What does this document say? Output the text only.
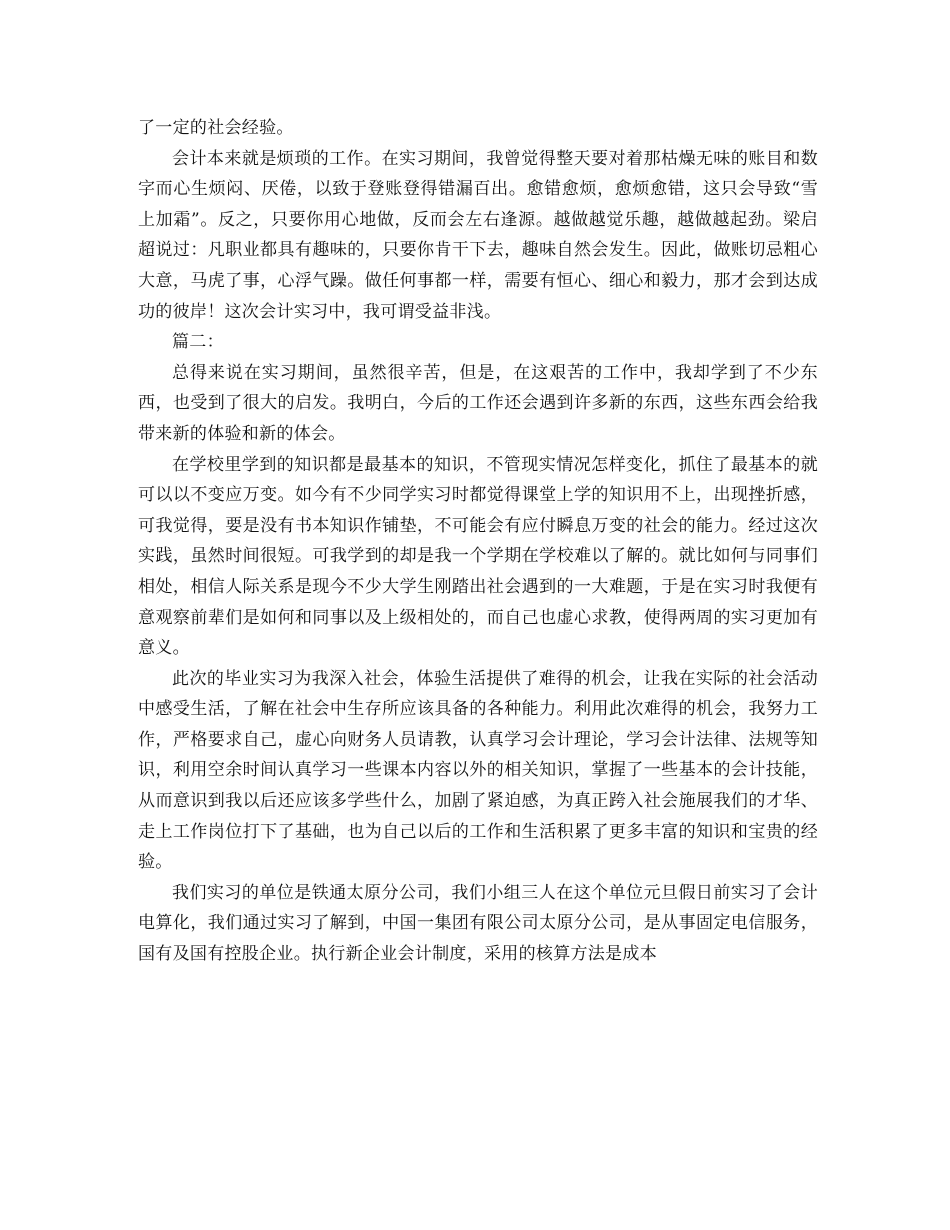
了一定的社会经验。

会计本来就是烦琐的工作。在实习期间，我曾觉得整天要对着那枯燥无味的账目和数字而心生烦闷、厌倦，以致于登账登得错漏百出。愈错愈烦，愈烦愈错，这只会导致“雪上加霜”。反之，只要你用心地做，反而会左右逢源。越做越觉乐趣，越做越起劲。梁启超说过：凡职业都具有趣味的，只要你肯干下去，趣味自然会发生。因此，做账切忌粗心大意，马虎了事，心浮气躁。做任何事都一样，需要有恒心、细心和毅力，那才会到达成功的彼岸！这次会计实习中，我可谓受益非浅。

篇二：

总得来说在实习期间，虽然很辛苦，但是，在这艰苦的工作中，我却学到了不少东西，也受到了很大的启发。我明白，今后的工作还会遇到许多新的东西，这些东西会给我带来新的体验和新的体会。

在学校里学到的知识都是最基本的知识，不管现实情况怎样变化，抓住了最基本的就可以以不变应万变。如今有不少同学实习时都觉得课堂上学的知识用不上，出现挫折感，可我觉得，要是没有书本知识作铺垫，不可能会有应付瞬息万变的社会的能力。经过这次实践，虽然时间很短。可我学到的却是我一个学期在学校难以了解的。就比如何与同事们相处，相信人际关系是现今不少大学生刚踏出社会遇到的一大难题，于是在实习时我便有意观察前辈们是如何和同事以及上级相处的，而自己也虚心求教，使得两周的实习更加有意义。

此次的毕业实习为我深入社会，体验生活提供了难得的机会，让我在实际的社会活动中感受生活，了解在社会中生存所应该具备的各种能力。利用此次难得的机会，我努力工作，严格要求自己，虚心向财务人员请教，认真学习会计理论，学习会计法律、法规等知识，利用空余时间认真学习一些课本内容以外的相关知识，掌握了一些基本的会计技能，从而意识到我以后还应该多学些什么，加剧了紧迫感，为真正跨入社会施展我们的才华、走上工作岗位打下了基础，也为自己以后的工作和生活积累了更多丰富的知识和宝贵的经验。

我们实习的单位是铁通太原分公司，我们小组三人在这个单位元旦假日前实习了会计电算化，我们通过实习了解到，中国一集团有限公司太原分公司，是从事固定电信服务，国有及国有控股企业。执行新企业会计制度，采用的核算方法是成本
